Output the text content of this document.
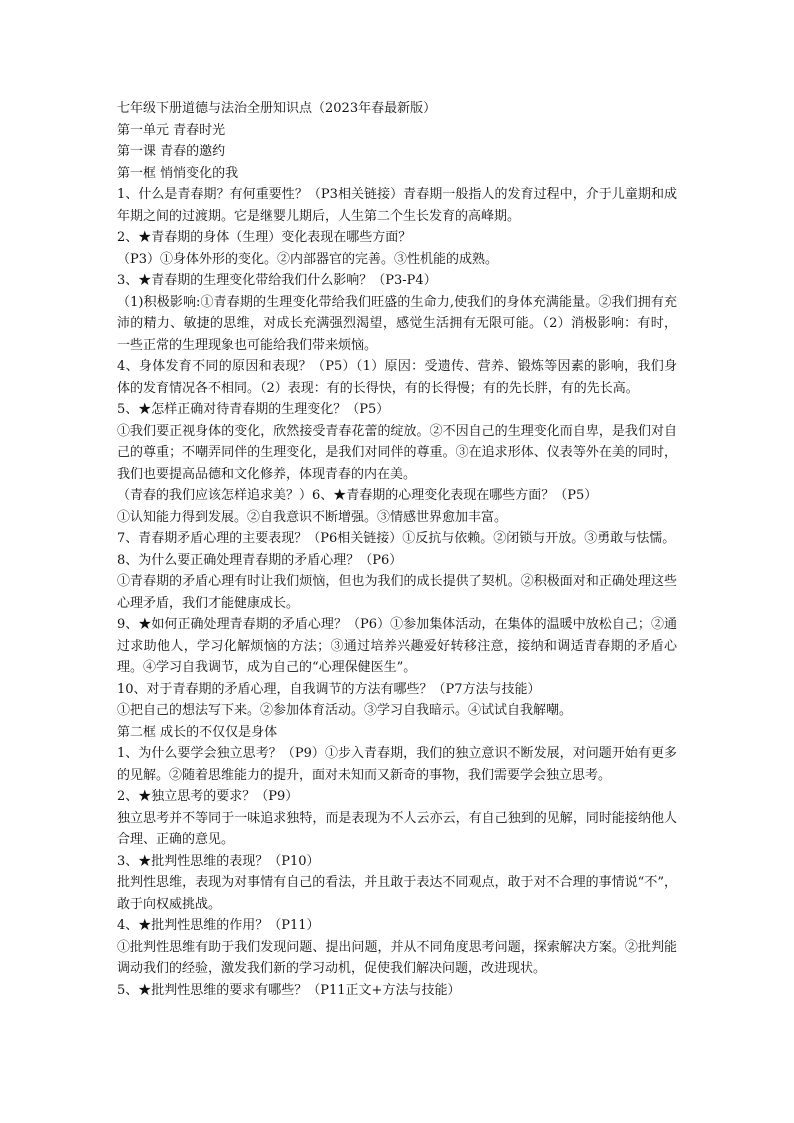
七年级下册道德与法治全册知识点（2023年春最新版）
第一单元 青春时光
第一课 青春的邀约
第一框 悄悄变化的我
1、什么是青春期？有何重要性？（P3相关链接）青春期一般指人的发育过程中，介于儿童期和成年期之间的过渡期。它是继婴儿期后，人生第二个生长发育的高峰期。
2、★青春期的身体（生理）变化表现在哪些方面？
（P3）①身体外形的变化。②内部器官的完善。③性机能的成熟。
3、★青春期的生理变化带给我们什么影响？（P3-P4）
（1)积极影响:①青春期的生理变化带给我们旺盛的生命力,使我们的身体充满能量。②我们拥有充沛的精力、敏捷的思维，对成长充满强烈渴望，感觉生活拥有无限可能。（2）消极影响：有时，一些正常的生理现象也可能给我们带来烦恼。
4、身体发育不同的原因和表现？（P5）（1）原因：受遗传、营养、锻炼等因素的影响，我们身体的发育情况各不相同。（2）表现：有的长得快，有的长得慢；有的先长胖，有的先长高。
5、★怎样正确对待青春期的生理变化？（P5）
①我们要正视身体的变化，欣然接受青春花蕾的绽放。②不因自己的生理变化而自卑，是我们对自己的尊重；不嘲弄同伴的生理变化，是我们对同伴的尊重。③在追求形体、仪表等外在美的同时，我们也要提高品德和文化修养，体现青春的内在美。
（青春的我们应该怎样追求美？）6、★青春期的心理变化表现在哪些方面？（P5）
①认知能力得到发展。②自我意识不断增强。③情感世界愈加丰富。
7、青春期矛盾心理的主要表现？（P6相关链接）①反抗与依赖。②闭锁与开放。③勇敢与怯懦。
8、为什么要正确处理青春期的矛盾心理？（P6）
①青春期的矛盾心理有时让我们烦恼，但也为我们的成长提供了契机。②积极面对和正确处理这些心理矛盾，我们才能健康成长。
9、★如何正确处理青春期的矛盾心理？（P6）①参加集体活动，在集体的温暖中放松自己；②通过求助他人，学习化解烦恼的方法；③通过培养兴趣爱好转移注意，接纳和调适青春期的矛盾心理。④学习自我调节，成为自己的“心理保健医生”。
10、对于青春期的矛盾心理，自我调节的方法有哪些？（P7方法与技能）
①把自己的想法写下来。②参加体育活动。③学习自我暗示。④试试自我解嘲。
第二框 成长的不仅仅是身体
1、为什么要学会独立思考？（P9）①步入青春期，我们的独立意识不断发展，对问题开始有更多的见解。②随着思维能力的提升，面对未知而又新奇的事物，我们需要学会独立思考。
2、★独立思考的要求？（P9）
独立思考并不等同于一味追求独特，而是表现为不人云亦云，有自己独到的见解，同时能接纳他人合理、正确的意见。
3、★批判性思维的表现？（P10）
批判性思维，表现为对事情有自己的看法，并且敢于表达不同观点，敢于对不合理的事情说“不”，敢于向权威挑战。
4、★批判性思维的作用？（P11）
①批判性思维有助于我们发现问题、提出问题，并从不同角度思考问题，探索解决方案。②批判能调动我们的经验，激发我们新的学习动机，促使我们解决问题，改进现状。
5、★批判性思维的要求有哪些？（P11正文+方法与技能）
